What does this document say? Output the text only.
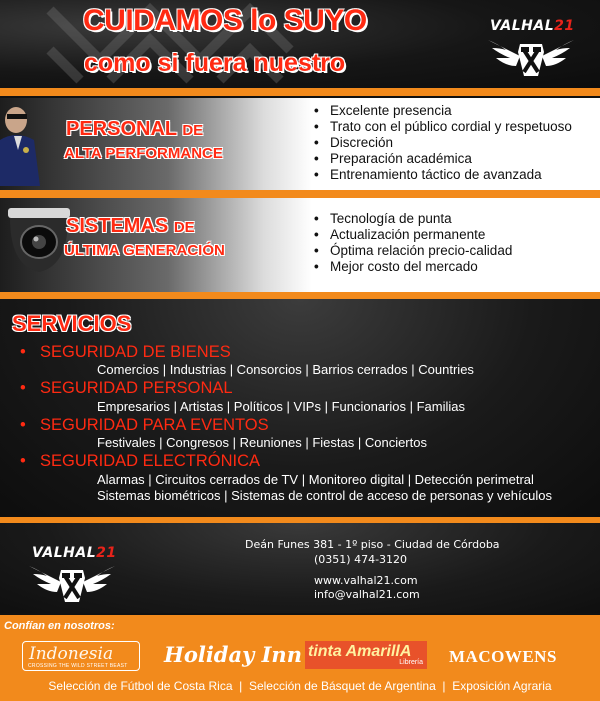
CUIDAMOS lo SUYO
como si fuera nuestro
VALHAL21
PERSONAL DE
ALTA PERFORMANCE
• Excelente presencia
• Trato con el público cordial y respetuoso
• Discreción
• Preparación académica
• Entrenamiento táctico de avanzada
SISTEMAS DE
ÚLTIMA GENERACIÓN
• Tecnología de punta
• Actualización permanente
• Óptima relación precio-calidad
• Mejor costo del mercado
SERVICIOS
• SEGURIDAD DE BIENES
Comercios | Industrias | Consorcios | Barrios cerrados | Countries
• SEGURIDAD PERSONAL
Empresarios | Artistas | Políticos | VIPs | Funcionarios | Familias
• SEGURIDAD PARA EVENTOS
Festivales | Congresos | Reuniones | Fiestas | Conciertos
• SEGURIDAD ELECTRÓNICA
Alarmas | Circuitos cerrados de TV | Monitoreo digital | Detección perimetral
Sistemas biométricos | Sistemas de control de acceso de personas y vehículos
VALHAL21
Deán Funes 381 - 1º piso - Ciudad de Córdoba
(0351) 474-3120
www.valhal21.com
info@valhal21.com
Confían en nosotros:
Indonesia
CROSSING THE WILD STREET BEAST Holiday Inn tinta AmarillA
Librería MACOWENS
Selección de Fútbol de Costa Rica  |  Selección de Básquet de Argentina  |  Exposición Agraria
